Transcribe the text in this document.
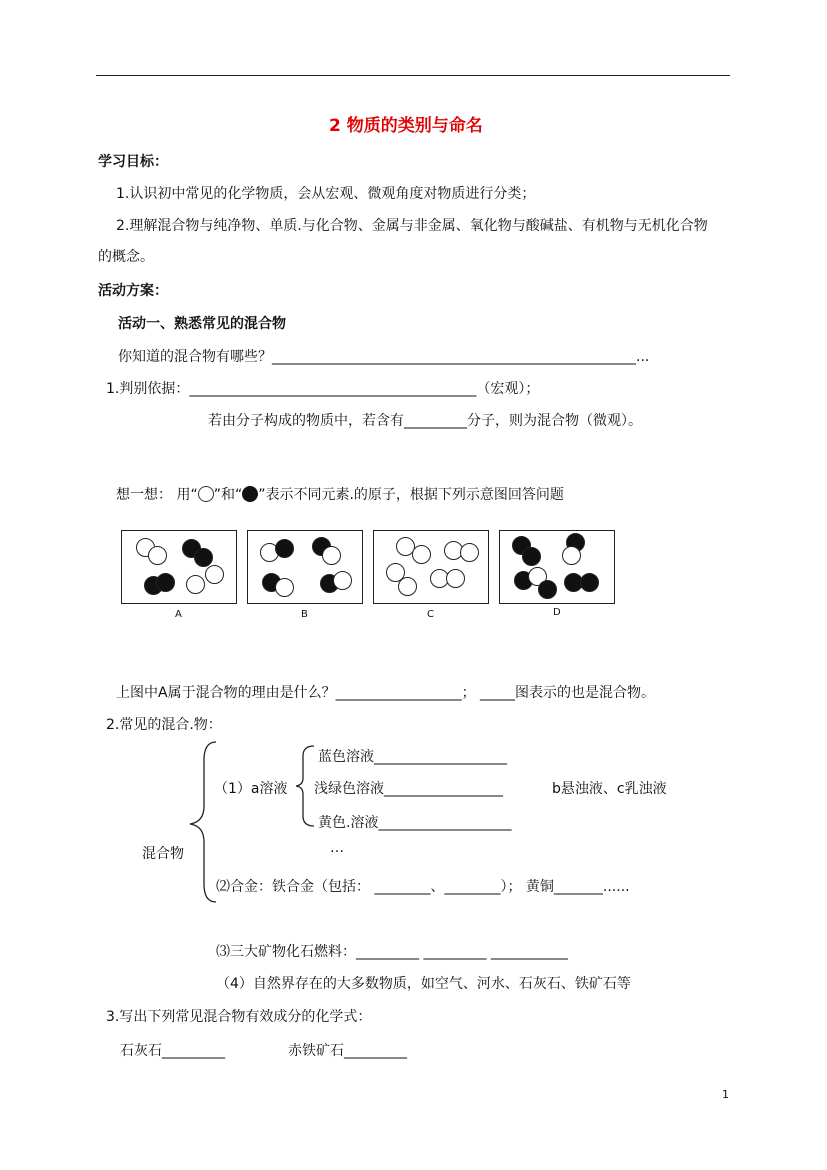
2 物质的类别与命名
学习目标：
1.认识初中常见的化学物质，会从宏观、微观角度对物质进行分类；
2.理解混合物与纯净物、单质.与化合物、金属与非金属、氧化物与酸碱盐、有机物与无机化合物
的概念。
活动方案：
活动一、熟悉常见的混合物
你知道的混合物有哪些？____________________________________________________...
1.判别依据：_________________________________________（宏观）；
若由分子构成的物质中，若含有_________分子，则为混合物（微观）。
想一想： 用“ ”和“ ”表示不同元素.的原子，根据下列示意图回答问题
A	B	C	D
上图中A属于混合物的理由是什么？__________________； _____图表示的也是混合物。
2.常见的混合.物：
蓝色溶液___________________
（1）a溶液 浅绿色溶液_________________	b悬浊液、c乳浊液
黄色.溶液___________________
…
混合物
⑵合金：铁合金（包括： ________、________）； 黄铜_______......
⑶三大矿物化石燃料：_________ _________ ___________
（4）自然界存在的大多数物质，如空气、河水、石灰石、铁矿石等
3.写出下列常见混合物有效成分的化学式：
石灰石_________	赤铁矿石_________
1
